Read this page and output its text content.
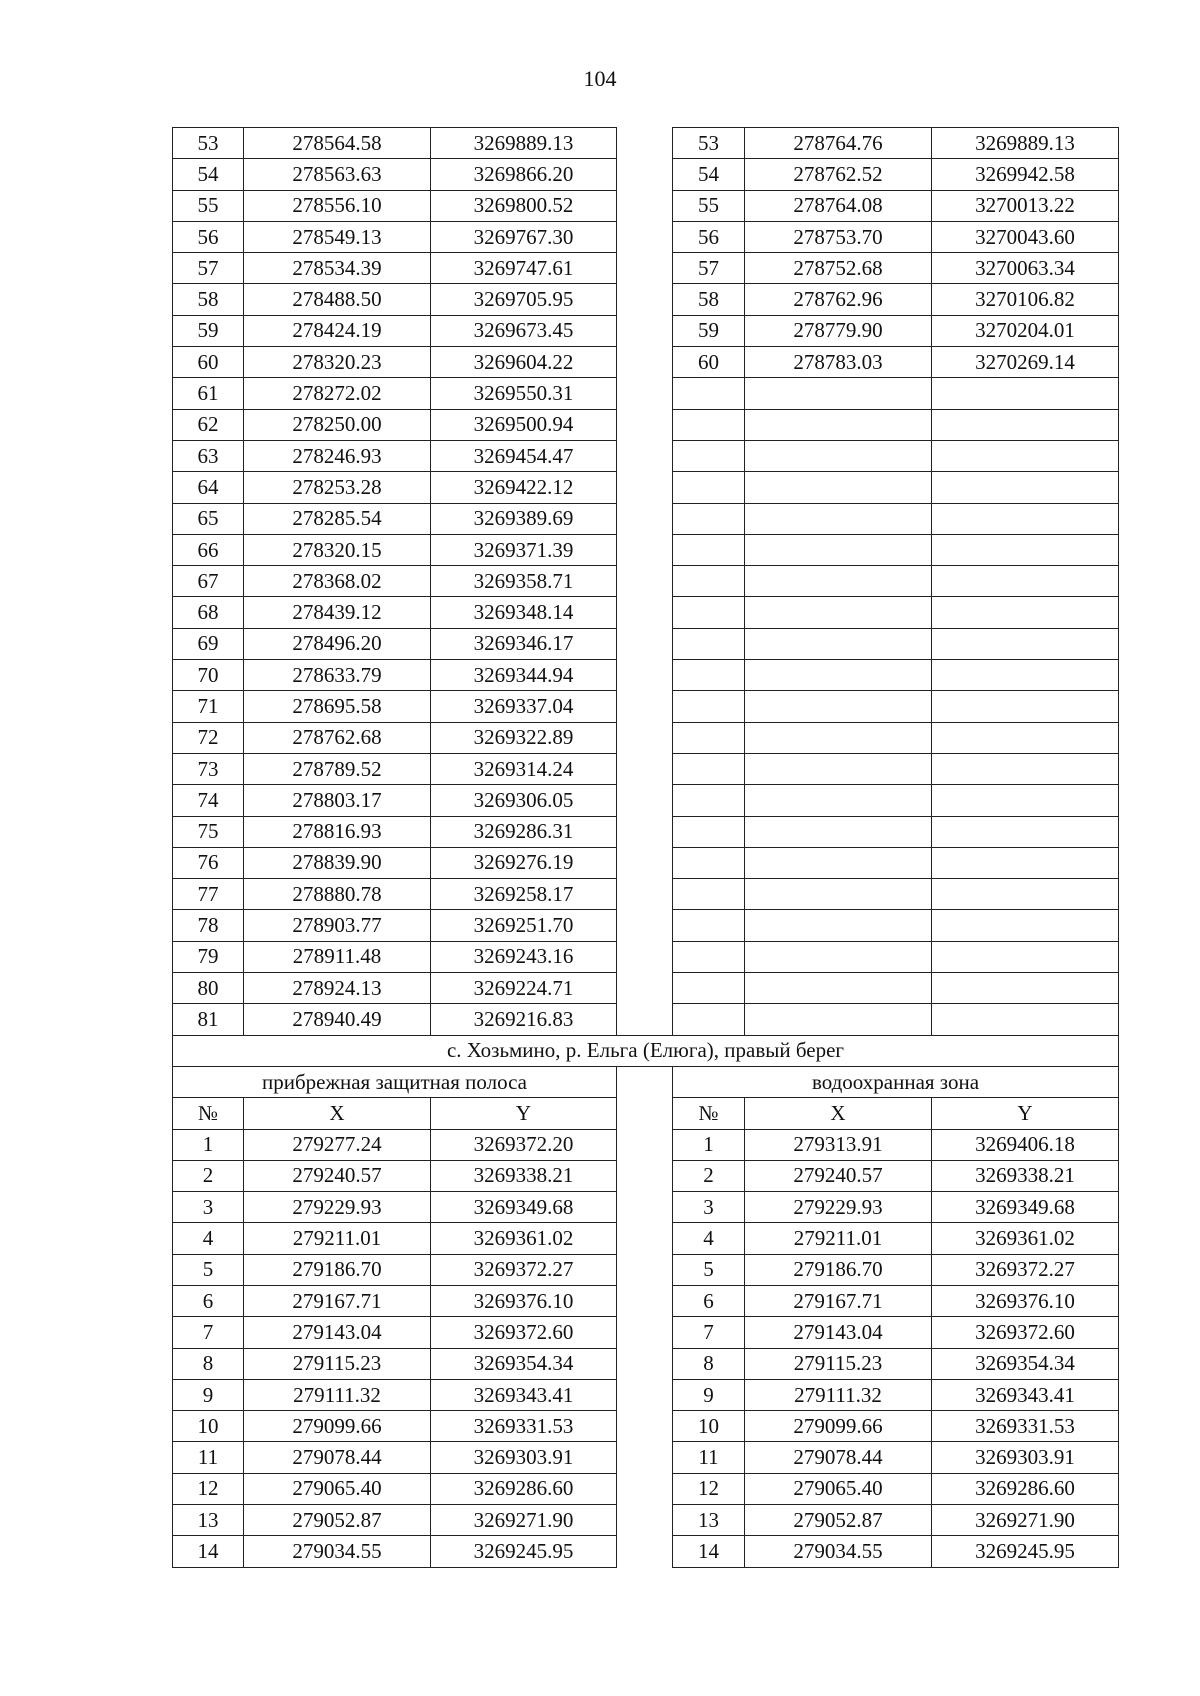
104
53	278564.58	3269889.13		53	278764.76	3269889.13
54	278563.63	3269866.20		54	278762.52	3269942.58
55	278556.10	3269800.52		55	278764.08	3270013.22
56	278549.13	3269767.30		56	278753.70	3270043.60
57	278534.39	3269747.61		57	278752.68	3270063.34
58	278488.50	3269705.95		58	278762.96	3270106.82
59	278424.19	3269673.45		59	278779.90	3270204.01
60	278320.23	3269604.22		60	278783.03	3270269.14
61	278272.02	3269550.31				
62	278250.00	3269500.94				
63	278246.93	3269454.47				
64	278253.28	3269422.12				
65	278285.54	3269389.69				
66	278320.15	3269371.39				
67	278368.02	3269358.71				
68	278439.12	3269348.14				
69	278496.20	3269346.17				
70	278633.79	3269344.94				
71	278695.58	3269337.04				
72	278762.68	3269322.89				
73	278789.52	3269314.24				
74	278803.17	3269306.05				
75	278816.93	3269286.31				
76	278839.90	3269276.19				
77	278880.78	3269258.17				
78	278903.77	3269251.70				
79	278911.48	3269243.16				
80	278924.13	3269224.71				
81	278940.49	3269216.83				
с. Хозьмино, р. Ельга (Елюга), правый берег						
прибрежная защитная полоса				водоохранная зона		
№	X	Y		№	X	Y
1	279277.24	3269372.20		1	279313.91	3269406.18
2	279240.57	3269338.21		2	279240.57	3269338.21
3	279229.93	3269349.68		3	279229.93	3269349.68
4	279211.01	3269361.02		4	279211.01	3269361.02
5	279186.70	3269372.27		5	279186.70	3269372.27
6	279167.71	3269376.10		6	279167.71	3269376.10
7	279143.04	3269372.60		7	279143.04	3269372.60
8	279115.23	3269354.34		8	279115.23	3269354.34
9	279111.32	3269343.41		9	279111.32	3269343.41
10	279099.66	3269331.53		10	279099.66	3269331.53
11	279078.44	3269303.91		11	279078.44	3269303.91
12	279065.40	3269286.60		12	279065.40	3269286.60
13	279052.87	3269271.90		13	279052.87	3269271.90
14	279034.55	3269245.95		14	279034.55	3269245.95
